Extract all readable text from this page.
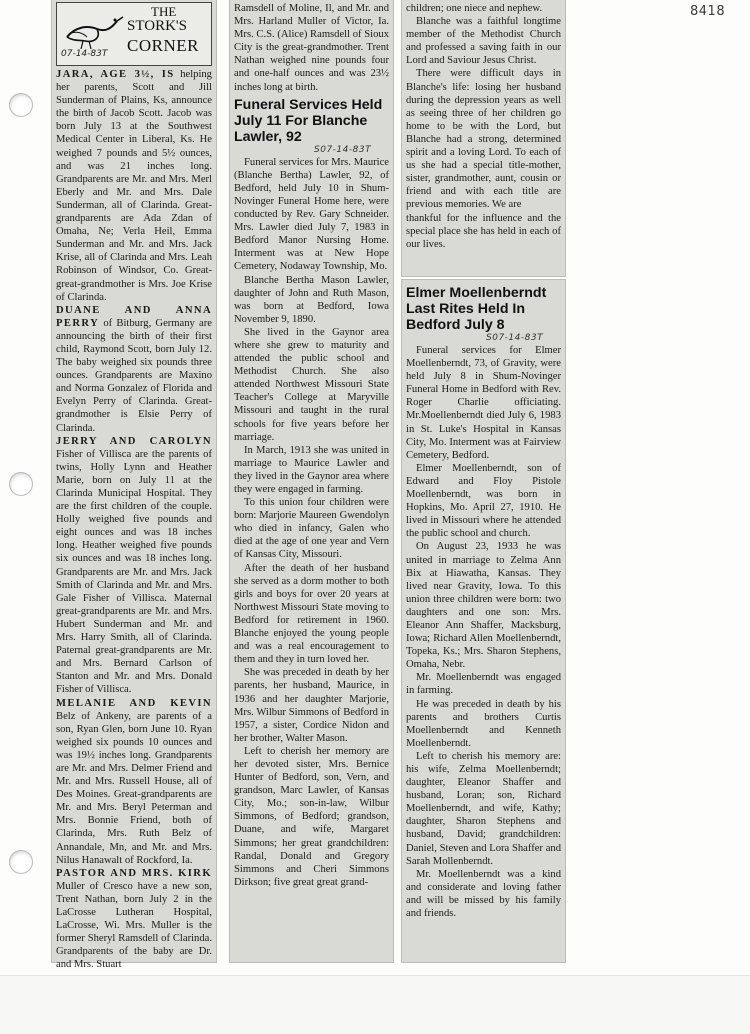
8418
THE
STORK'S
CORNER
07-14-83T

JARA, AGE 3½, IS helping her parents, Scott and Jill Sunderman of Plains, Ks, announce the birth of Jacob Scott. Jacob was born July 13 at the Southwest Medical Center in Liberal, Ks. He weighed 7 pounds and 5½ ounces, and was 21 inches long. Grandparents are Mr. and Mrs. Merl Eberly and Mr. and Mrs. Dale Sunderman, all of Clarinda. Great-grandparents are Ada Zdan of Omaha, Ne; Verla Heil, Emma Sunderman and Mr. and Mrs. Jack Krise, all of Clarinda and Mrs. Leah Robinson of Windsor, Co. Great-great-grandmother is Mrs. Joe Krise of Clarinda.

DUANE AND ANNA PERRY of Bitburg, Germany are announcing the birth of their first child, Raymond Scott, born July 12. The baby weighed six pounds three ounces. Grandparents are Maxino and Norma Gonzalez of Florida and Evelyn Perry of Clarinda. Great-grandmother is Elsie Perry of Clarinda.

JERRY AND CAROLYN Fisher of Villisca are the parents of twins, Holly Lynn and Heather Marie, born on July 11 at the Clarinda Municipal Hospital. They are the first children of the couple. Holly weighed five pounds and eight ounces and was 18 inches long. Heather weighed five pounds six ounces and was 18 inches long. Grandparents are Mr. and Mrs. Jack Smith of Clarinda and Mr. and Mrs. Gale Fisher of Villisca. Maternal great-grandparents are Mr. and Mrs. Hubert Sunderman and Mr. and Mrs. Harry Smith, all of Clarinda. Paternal great-grandparents are Mr. and Mrs. Bernard Carlson of Stanton and Mr. and Mrs. Donald Fisher of Villisca.

MELANIE AND KEVIN Belz of Ankeny, are parents of a son, Ryan Glen, born June 10. Ryan weighed six pounds 10 ounces and was 19½ inches long. Grandparents are Mr. and Mrs. Delmer Friend and Mr. and Mrs. Russell House, all of Des Moines. Great-grandparents are Mr. and Mrs. Beryl Peterman and Mrs. Bonnie Friend, both of Clarinda, Mrs. Ruth Belz of Annandale, Mn, and Mr. and Mrs. Nilus Hanawalt of Rockford, Ia.

PASTOR AND MRS. KIRK Muller of Cresco have a new son, Trent Nathan, born July 2 in the LaCrosse Lutheran Hospital, LaCrosse, Wi. Mrs. Muller is the former Sheryl Ramsdell of Clarinda. Grandparents of the baby are Dr. and Mrs. Stuart

Ramsdell of Moline, Il, and Mr. and Mrs. Harland Muller of Victor, Ia. Mrs. C.S. (Alice) Ramsdell of Sioux City is the great-grandmother. Trent Nathan weighed nine pounds four and one-half ounces and was 23½ inches long at birth.

Funeral Services Held July 11 For Blanche Lawler, 92
S07-14-83T

Funeral services for Mrs. Maurice (Blanche Bertha) Lawler, 92, of Bedford, held July 10 in Shum-Novinger Funeral Home here, were conducted by Rev. Gary Schneider. Mrs. Lawler died July 7, 1983 in Bedford Manor Nursing Home. Interment was at New Hope Cemetery, Nodaway Township, Mo.

Blanche Bertha Mason Lawler, daughter of John and Ruth Mason, was born at Bedford, Iowa November 9, 1890.

She lived in the Gaynor area where she grew to maturity and attended the public school and Methodist Church. She also attended Northwest Missouri State Teacher's College at Maryville Missouri and taught in the rural schools for five years before her marriage.

In March, 1913 she was united in marriage to Maurice Lawler and they lived in the Gaynor area where they were engaged in farming.

To this union four children were born: Marjorie Maureen Gwendolyn who died in infancy, Galen who died at the age of one year and Vern of Kansas City, Missouri.

After the death of her husband she served as a dorm mother to both girls and boys for over 20 years at Northwest Missouri State moving to Bedford for retirement in 1960. Blanche enjoyed the young people and was a real encouragement to them and they in turn loved her.

She was preceded in death by her parents, her husband, Maurice, in 1936 and her daughter Marjorie, Mrs. Wilbur Simmons of Bedford in 1957, a sister, Cordice Nidon and her brother, Walter Mason.

Left to cherish her memory are her devoted sister, Mrs. Bernice Hunter of Bedford, son, Vern, and grandson, Marc Lawler, of Kansas City, Mo.; son-in-law, Wilbur Simmons, of Bedford; grandson, Duane, and wife, Margaret Simmons; her great grandchildren: Randal, Donald and Gregory Simmons and Cheri Simmons Dirkson; five great great grand-

children; one niece and nephew.

Blanche was a faithful longtime member of the Methodist Church and professed a saving faith in our Lord and Saviour Jesus Christ.

There were difficult days in Blanche's life: losing her husband during the depression years as well as seeing three of her children go home to be with the Lord, but Blanche had a strong, determined spirit and a loving Lord. To each of us she had a special title-mother, sister, grandmother, aunt, cousin or friend and with each title are previous memories. We are

thankful for the influence and the special place she has held in each of our lives.

Elmer Moellenberndt Last Rites Held In Bedford July 8
S07-14-83T

Funeral services for Elmer Moellenberndt, 73, of Gravity, were held July 8 in Shum-Novinger Funeral Home in Bedford with Rev. Roger Charlie officiating. Mr.Moellenberndt died July 6, 1983 in St. Luke's Hospital in Kansas City, Mo. Interment was at Fairview Cemetery, Bedford.

Elmer Moellenberndt, son of Edward and Floy Pistole Moellenberndt, was born in Hopkins, Mo. April 27, 1910. He lived in Missouri where he attended the public school and church.

On August 23, 1933 he was united in marriage to Zelma Ann Bix at Hiawatha, Kansas. They lived near Gravity, Iowa. To this union three children were born: two daughters and one son: Mrs. Eleanor Ann Shaffer, Macksburg, Iowa; Richard Allen Moellenberndt, Topeka, Ks.; Mrs. Sharon Stephens, Omaha, Nebr.

Mr. Moellenberndt was engaged in farming.

He was preceded in death by his parents and brothers Curtis Moellenberndt and Kenneth Moellenberndt.

Left to cherish his memory are: his wife, Zelma Moellenberndt; daughter, Eleanor Shaffer and husband, Loran; son, Richard Moellenberndt, and wife, Kathy; daughter, Sharon Stephens and husband, David; grandchildren: Daniel, Steven and Lora Shaffer and Sarah Mollenberndt.

Mr. Moellenberndt was a kind and considerate and loving father and will be missed by his family and friends.
